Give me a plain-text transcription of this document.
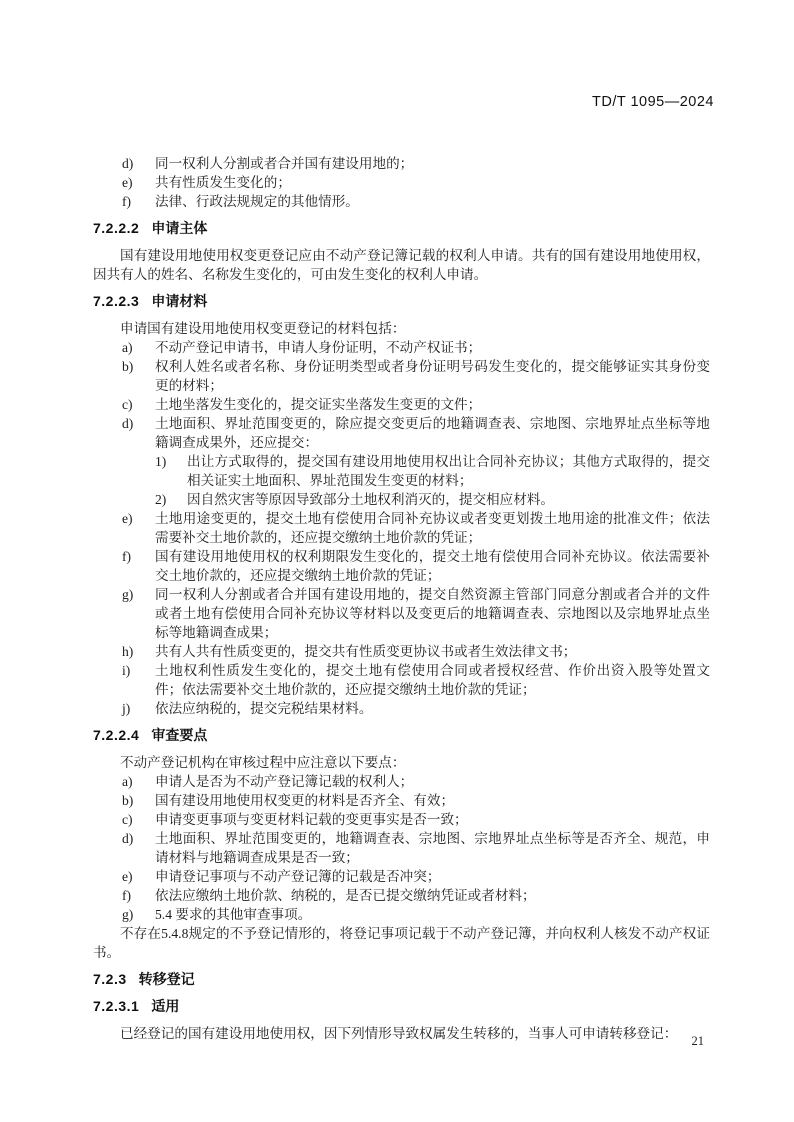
TD/T 1095—2024
d) 同一权利人分割或者合并国有建设用地的；
e) 共有性质发生变化的；
f) 法律、行政法规规定的其他情形。
7.2.2.2 申请主体

国有建设用地使用权变更登记应由不动产登记簿记载的权利人申请。共有的国有建设用地使用权，因共有人的姓名、名称发生变化的，可由发生变化的权利人申请。

7.2.2.3 申请材料

申请国有建设用地使用权变更登记的材料包括：

a) 不动产登记申请书，申请人身份证明，不动产权证书；
b) 权利人姓名或者名称、身份证明类型或者身份证明号码发生变化的，提交能够证实其身份变更的材料；
c) 土地坐落发生变化的，提交证实坐落发生变更的文件；
d) 土地面积、界址范围变更的，除应提交变更后的地籍调查表、宗地图、宗地界址点坐标等地籍调查成果外，还应提交：
1) 出让方式取得的，提交国有建设用地使用权出让合同补充协议；其他方式取得的，提交相关证实土地面积、界址范围发生变更的材料；
2) 因自然灾害等原因导致部分土地权利消灭的，提交相应材料。
e) 土地用途变更的，提交土地有偿使用合同补充协议或者变更划拨土地用途的批准文件；依法需要补交土地价款的，还应提交缴纳土地价款的凭证；
f) 国有建设用地使用权的权利期限发生变化的，提交土地有偿使用合同补充协议。依法需要补交土地价款的，还应提交缴纳土地价款的凭证；
g) 同一权利人分割或者合并国有建设用地的，提交自然资源主管部门同意分割或者合并的文件或者土地有偿使用合同补充协议等材料以及变更后的地籍调查表、宗地图以及宗地界址点坐标等地籍调查成果；
h) 共有人共有性质变更的，提交共有性质变更协议书或者生效法律文书；
i) 土地权利性质发生变化的，提交土地有偿使用合同或者授权经营、作价出资入股等处置文件；依法需要补交土地价款的，还应提交缴纳土地价款的凭证；
j) 依法应纳税的，提交完税结果材料。
7.2.2.4 审查要点

不动产登记机构在审核过程中应注意以下要点：

a) 申请人是否为不动产登记簿记载的权利人；
b) 国有建设用地使用权变更的材料是否齐全、有效；
c) 申请变更事项与变更材料记载的变更事实是否一致；
d) 土地面积、界址范围变更的，地籍调查表、宗地图、宗地界址点坐标等是否齐全、规范，申请材料与地籍调查成果是否一致；
e) 申请登记事项与不动产登记簿的记载是否冲突；
f) 依法应缴纳土地价款、纳税的，是否已提交缴纳凭证或者材料；
g) 5.4 要求的其他审查事项。

不存在5.4.8规定的不予登记情形的，将登记事项记载于不动产登记簿，并向权利人核发不动产权证书。

7.2.3 转移登记
7.2.3.1 适用

已经登记的国有建设用地使用权，因下列情形导致权属发生转移的，当事人可申请转移登记：	21
